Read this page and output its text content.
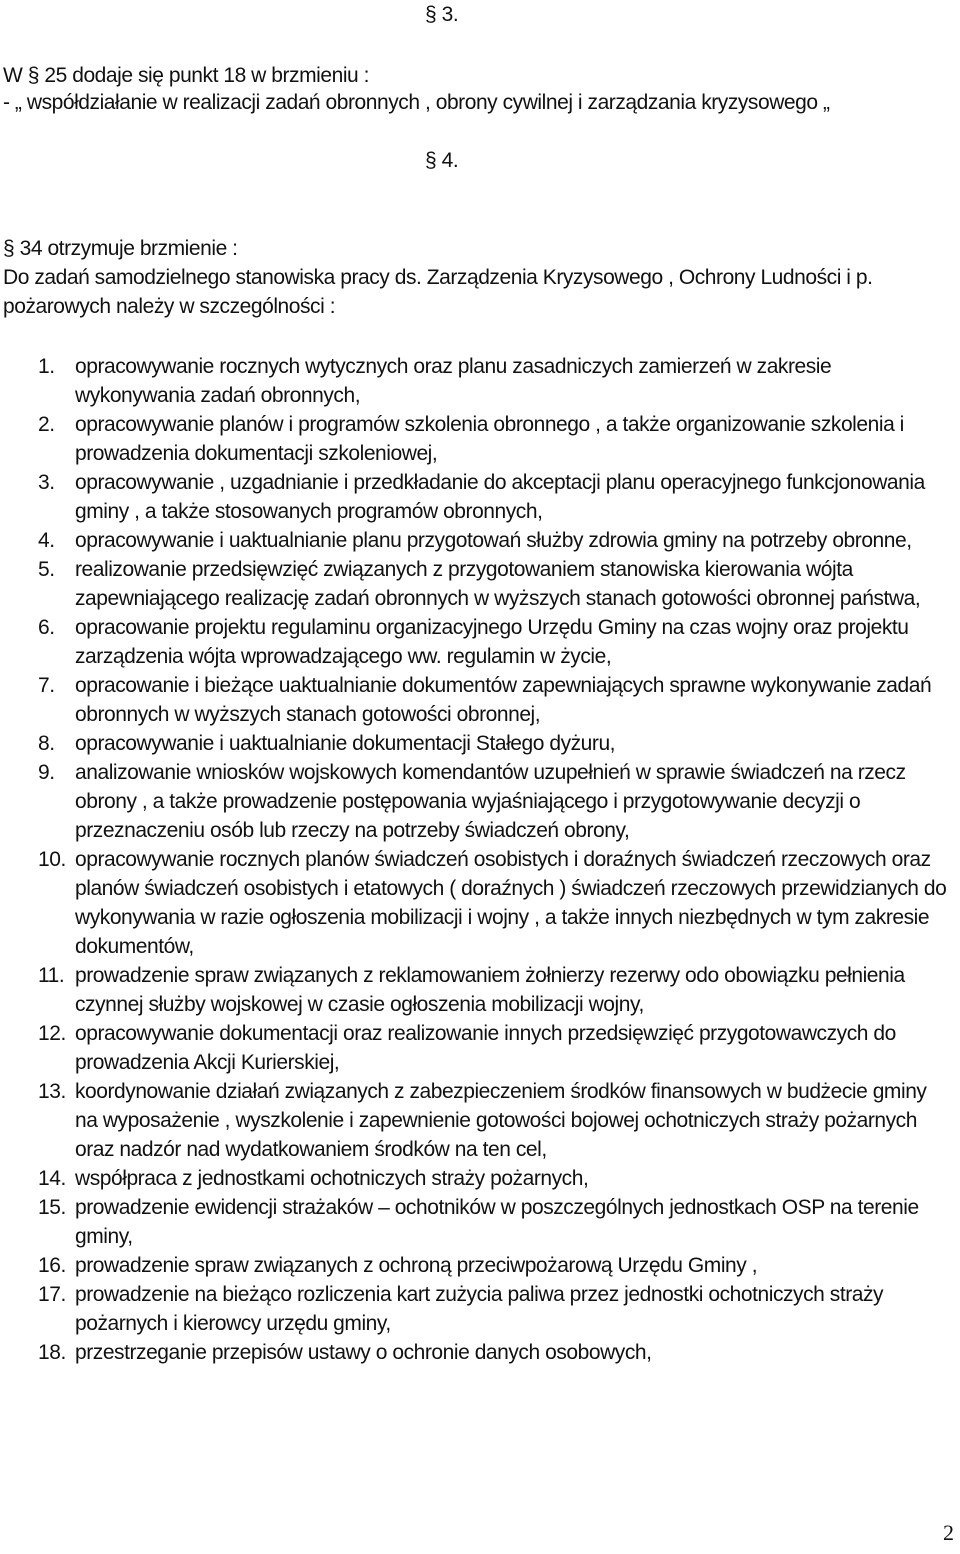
§ 3.
W § 25 dodaje się punkt 18 w brzmieniu :
- „ współdziałanie w realizacji zadań obronnych , obrony cywilnej i zarządzania kryzysowego „
§ 4.
§ 34 otrzymuje brzmienie :
Do zadań samodzielnego stanowiska pracy ds. Zarządzenia Kryzysowego , Ochrony Ludności i p.
pożarowych należy w szczególności :
1. opracowywanie rocznych wytycznych oraz planu zasadniczych zamierzeń w zakresie wykonywania zadań obronnych,
2. opracowywanie planów i programów szkolenia obronnego , a także organizowanie szkolenia i prowadzenia dokumentacji szkoleniowej,
3. opracowywanie , uzgadnianie i przedkładanie do akceptacji planu operacyjnego funkcjonowania gminy , a także stosowanych programów obronnych,
4. opracowywanie i uaktualnianie planu przygotowań służby zdrowia gminy na potrzeby obronne,
5. realizowanie przedsięwzięć związanych z przygotowaniem stanowiska kierowania wójta zapewniającego realizację zadań obronnych w wyższych stanach gotowości obronnej państwa,
6. opracowanie projektu regulaminu organizacyjnego Urzędu Gminy na czas wojny oraz projektu zarządzenia wójta wprowadzającego ww. regulamin w życie,
7. opracowanie i bieżące uaktualnianie dokumentów zapewniających sprawne wykonywanie zadań obronnych w wyższych stanach gotowości obronnej,
8. opracowywanie i uaktualnianie dokumentacji Stałego dyżuru,
9. analizowanie wniosków wojskowych komendantów uzupełnień w sprawie świadczeń na rzecz obrony , a także prowadzenie postępowania wyjaśniającego i przygotowywanie decyzji o przeznaczeniu osób lub rzeczy na potrzeby świadczeń obrony,
10. opracowywanie rocznych planów świadczeń osobistych i doraźnych świadczeń rzeczowych oraz planów świadczeń osobistych i etatowych ( doraźnych ) świadczeń rzeczowych przewidzianych do wykonywania w razie ogłoszenia mobilizacji i wojny , a także innych niezbędnych w tym zakresie dokumentów,
11. prowadzenie spraw związanych z reklamowaniem żołnierzy rezerwy odo obowiązku pełnienia czynnej służby wojskowej w czasie ogłoszenia mobilizacji wojny,
12. opracowywanie dokumentacji oraz realizowanie innych przedsięwzięć przygotowawczych do prowadzenia Akcji Kurierskiej,
13. koordynowanie działań związanych z zabezpieczeniem środków finansowych w budżecie gminy na wyposażenie , wyszkolenie i zapewnienie gotowości bojowej ochotniczych straży pożarnych oraz nadzór nad wydatkowaniem środków na ten cel,
14. współpraca z jednostkami ochotniczych straży pożarnych,
15. prowadzenie ewidencji strażaków – ochotników w poszczególnych jednostkach OSP na terenie gminy,
16. prowadzenie spraw związanych z ochroną przeciwpożarową Urzędu Gminy ,
17. prowadzenie na bieżąco rozliczenia kart zużycia paliwa przez jednostki ochotniczych straży pożarnych i kierowcy urzędu gminy,
18. przestrzeganie przepisów ustawy o ochronie danych osobowych,
2
